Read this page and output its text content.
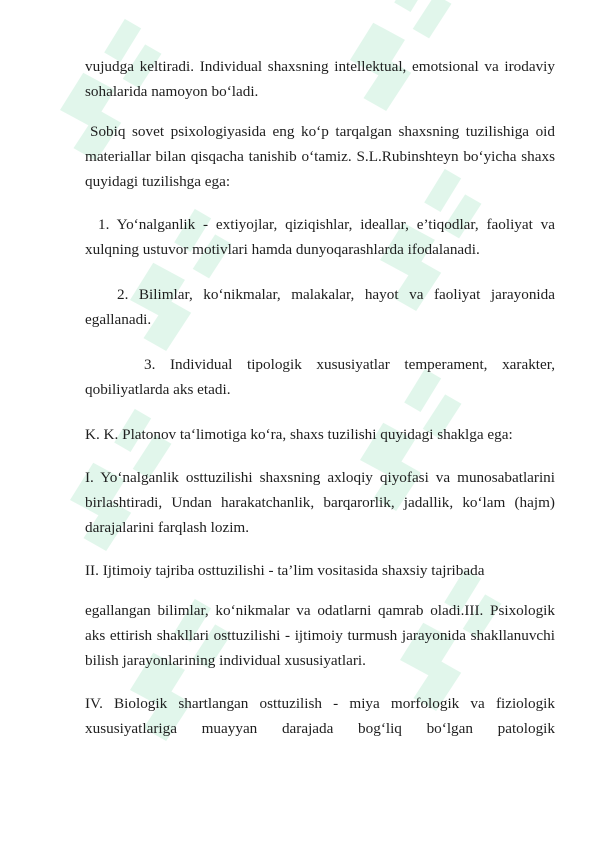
vujudga keltiradi. Individual shaxsning intellektual, emotsional va irodaviy sohalarida namoyon bo‘ladi.

Sobiq sovet psixologiyasida eng ko‘p tarqalgan shaxsning tuzilishiga oid materiallar bilan qisqacha tanishib o‘tamiz. S.L.Rubinshteyn bo‘yicha shaxs quyidagi tuzilishga ega:

1. Yo‘nalganlik - extiyojlar, qiziqishlar, ideallar, e’tiqodlar, faoliyat va xulqning ustuvor motivlari hamda dunyoqarashlarda ifodalanadi.

2. Bilimlar, ko‘nikmalar, malakalar, hayot va faoliyat jarayonida egallanadi.

3. Individual tipologik xususiyatlar temperament, xarakter, qobiliyatlarda aks etadi.

K. K. Platonov ta‘limotiga ko‘ra, shaxs tuzilishi quyidagi shaklga ega:

I. Yo‘nalganlik osttuzilishi shaxsning axloqiy qiyofasi va munosabatlarini birlashtiradi, Undan harakatchanlik, barqarorlik, jadallik, ko‘lam (hajm) darajalarini farqlash lozim.

II. Ijtimoiy tajriba osttuzilishi - ta’lim vositasida shaxsiy tajribada

egallangan bilimlar, ko‘nikmalar va odatlarni qamrab oladi.III. Psixologik aks ettirish shakllari osttuzilishi - ijtimoiy turmush jarayonida shakllanuvchi bilish jarayonlarining individual xususiyatlari.

IV. Biologik shartlangan osttuzilish - miya morfologik va fiziologik xususiyatlariga muayyan darajada bog‘liq bo‘lgan patologik
